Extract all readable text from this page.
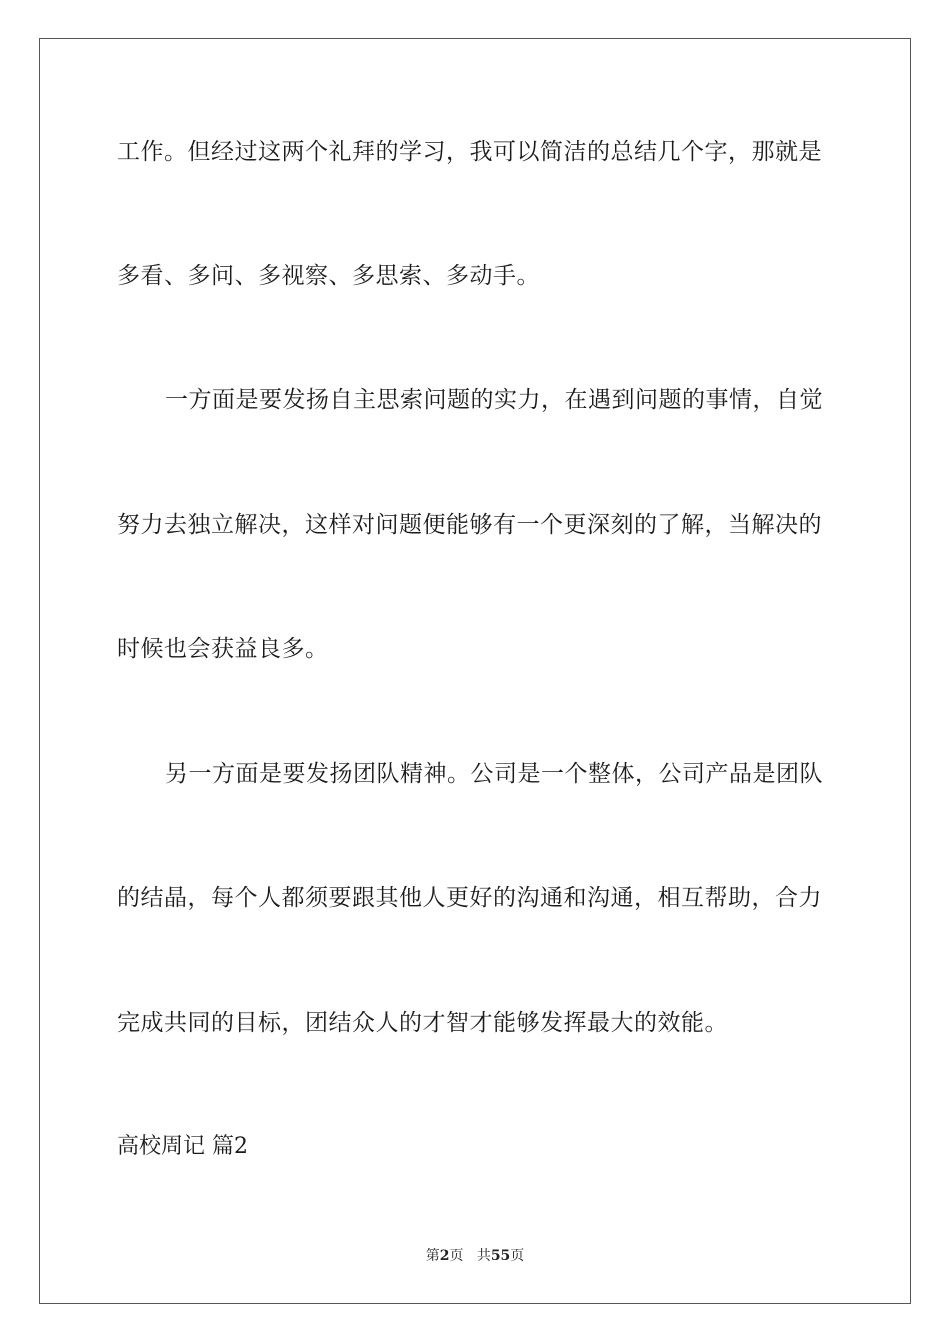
工作。但经过这两个礼拜的学习，我可以简洁的总结几个字，那就是
多看、多问、多视察、多思索、多动手。
一方面是要发扬自主思索问题的实力，在遇到问题的事情，自觉
努力去独立解决，这样对问题便能够有一个更深刻的了解，当解决的
时候也会获益良多。
另一方面是要发扬团队精神。公司是一个整体，公司产品是团队
的结晶，每个人都须要跟其他人更好的沟通和沟通，相互帮助，合力
完成共同的目标，团结众人的才智才能够发挥最大的效能。
高校周记 篇2
第2页 共55页
